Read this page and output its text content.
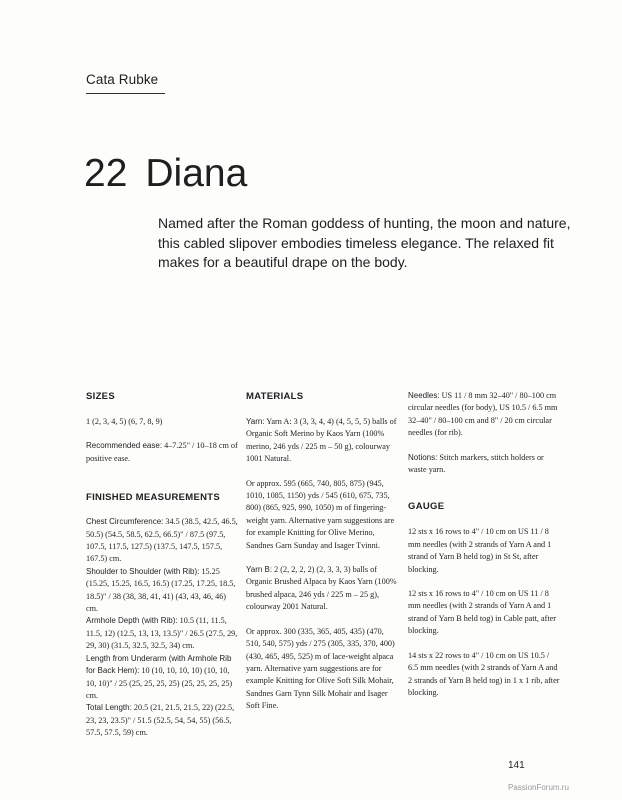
Cata Rubke
22 Diana

Named after the Roman goddess of hunting, the moon and nature, this cabled slipover embodies timeless elegance. The relaxed fit makes for a beautiful drape on the body.

SIZES

1 (2, 3, 4, 5) (6, 7, 8, 9)

Recommended ease: 4–7.25" / 10–18 cm of positive ease.

FINISHED MEASUREMENTS

Chest Circumference: 34.5 (38.5, 42.5, 46.5, 50.5) (54.5, 58.5, 62.5, 66.5)" / 87.5 (97.5, 107.5, 117.5, 127.5) (137.5, 147.5, 157.5, 167.5) cm.

Shoulder to Shoulder (with Rib): 15.25 (15.25, 15.25, 16.5, 16.5) (17.25, 17.25, 18.5, 18.5)" / 38 (38, 38, 41, 41) (43, 43, 46, 46) cm.

Armhole Depth (with Rib): 10.5 (11, 11.5, 11.5, 12) (12.5, 13, 13, 13.5)" / 26.5 (27.5, 29, 29, 30) (31.5, 32.5, 32.5, 34) cm.

Length from Underarm (with Armhole Rib for Back Hem): 10 (10, 10, 10, 10) (10, 10, 10, 10)" / 25 (25, 25, 25, 25) (25, 25, 25, 25) cm.

Total Length: 20.5 (21, 21.5, 21.5, 22) (22.5, 23, 23, 23.5)" / 51.5 (52.5, 54, 54, 55) (56.5, 57.5, 57.5, 59) cm.

MATERIALS

Yarn: Yarn A: 3 (3, 3, 4, 4) (4, 5, 5, 5) balls of Organic Soft Merino by Kaos Yarn (100% merino, 246 yds / 225 m – 50 g), colourway 1001 Natural.

Or approx. 595 (665, 740, 805, 875) (945, 1010, 1085, 1150) yds / 545 (610, 675, 735, 800) (865, 925, 990, 1050) m of fingering-weight yarn. Alternative yarn suggestions are for example Knitting for Olive Merino, Sandnes Garn Sunday and Isager Tvinni.

Yarn B: 2 (2, 2, 2, 2) (2, 3, 3, 3) balls of Organic Brushed Alpaca by Kaos Yarn (100% brushed alpaca, 246 yds / 225 m – 25 g), colourway 2001 Natural.

Or approx. 300 (335, 365, 405, 435) (470, 510, 540, 575) yds / 275 (305, 335, 370, 400) (430, 465, 495, 525) m of lace-weight alpaca yarn. Alternative yarn suggestions are for example Knitting for Olive Soft Silk Mohair, Sandnes Garn Tynn Silk Mohair and Isager Soft Fine.

Needles: US 11 / 8 mm 32–40" / 80–100 cm circular needles (for body), US 10.5 / 6.5 mm 32–40" / 80–100 cm and 8" / 20 cm circular needles (for rib).

Notions: Stitch markers, stitch holders or waste yarn.

GAUGE

12 sts x 16 rows to 4" / 10 cm on US 11 / 8 mm needles (with 2 strands of Yarn A and 1 strand of Yarn B held tog) in St St, after blocking.

12 sts x 16 rows to 4" / 10 cm on US 11 / 8 mm needles (with 2 strands of Yarn A and 1 strand of Yarn B held tog) in Cable patt, after blocking.

14 sts x 22 rows to 4" / 10 cm on US 10.5 / 6.5 mm needles (with 2 strands of Yarn A and 2 strands of Yarn B held tog) in 1 x 1 rib, after blocking.

141
PassionForum.ru
